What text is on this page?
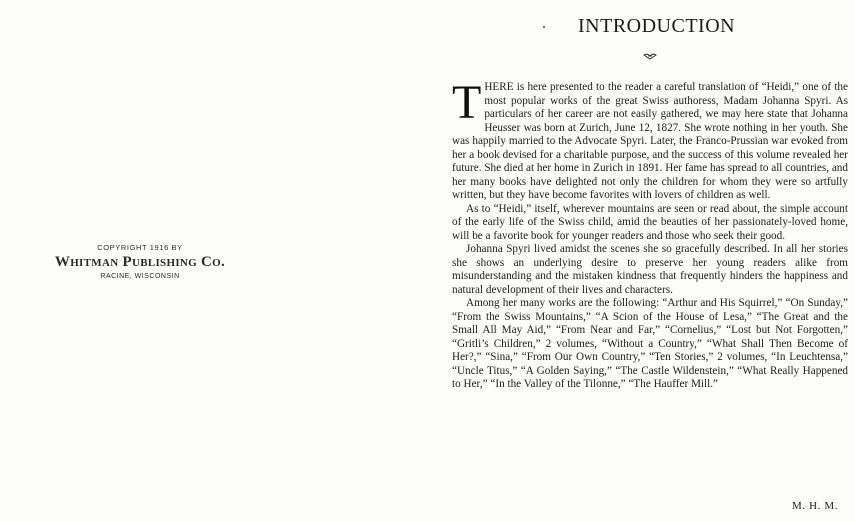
COPYRIGHT 1916 BY
Whitman Publishing Co.
RACINE, WISCONSIN
INTRODUCTION

THERE is here presented to the reader a careful translation of “Heidi,” one of the most popular works of the great Swiss authoress, Madam Johanna Spyri. As particulars of her career are not easily gathered, we may here state that Johanna Heusser was born at Zurich, June 12, 1827. She wrote nothing in her youth. She was happily married to the Advocate Spyri. Later, the Franco-Prussian war evoked from her a book devised for a charitable purpose, and the success of this volume revealed her future. She died at her home in Zurich in 1891. Her fame has spread to all countries, and her many books have delighted not only the children for whom they were so artfully written, but they have become favorites with lovers of children as well.

As to “Heidi,” itself, wherever mountains are seen or read about, the simple account of the early life of the Swiss child, amid the beauties of her passionately-loved home, will be a favorite book for younger readers and those who seek their good.

Johanna Spyri lived amidst the scenes she so gracefully described. In all her stories she shows an underlying desire to preserve her young readers alike from misunderstanding and the mistaken kindness that frequently hinders the happiness and natural development of their lives and characters.

Among her many works are the following: “Arthur and His Squirrel,” “On Sunday,” “From the Swiss Mountains,” “A Scion of the House of Lesa,” “The Great and the Small All May Aid,” “From Near and Far,” “Cornelius,” “Lost but Not Forgotten,” “Gritli’s Children,” 2 volumes, “Without a Country,” “What Shall Then Become of Her?,” “Sina,” “From Our Own Country,” “Ten Stories,” 2 volumes, “In Leuchtensa,” “Uncle Titus,” “A Golden Saying,” “The Castle Wildenstein,” “What Really Happened to Her,” “In the Valley of the Tilonne,” “The Hauffer Mill.”

M. H. M.
